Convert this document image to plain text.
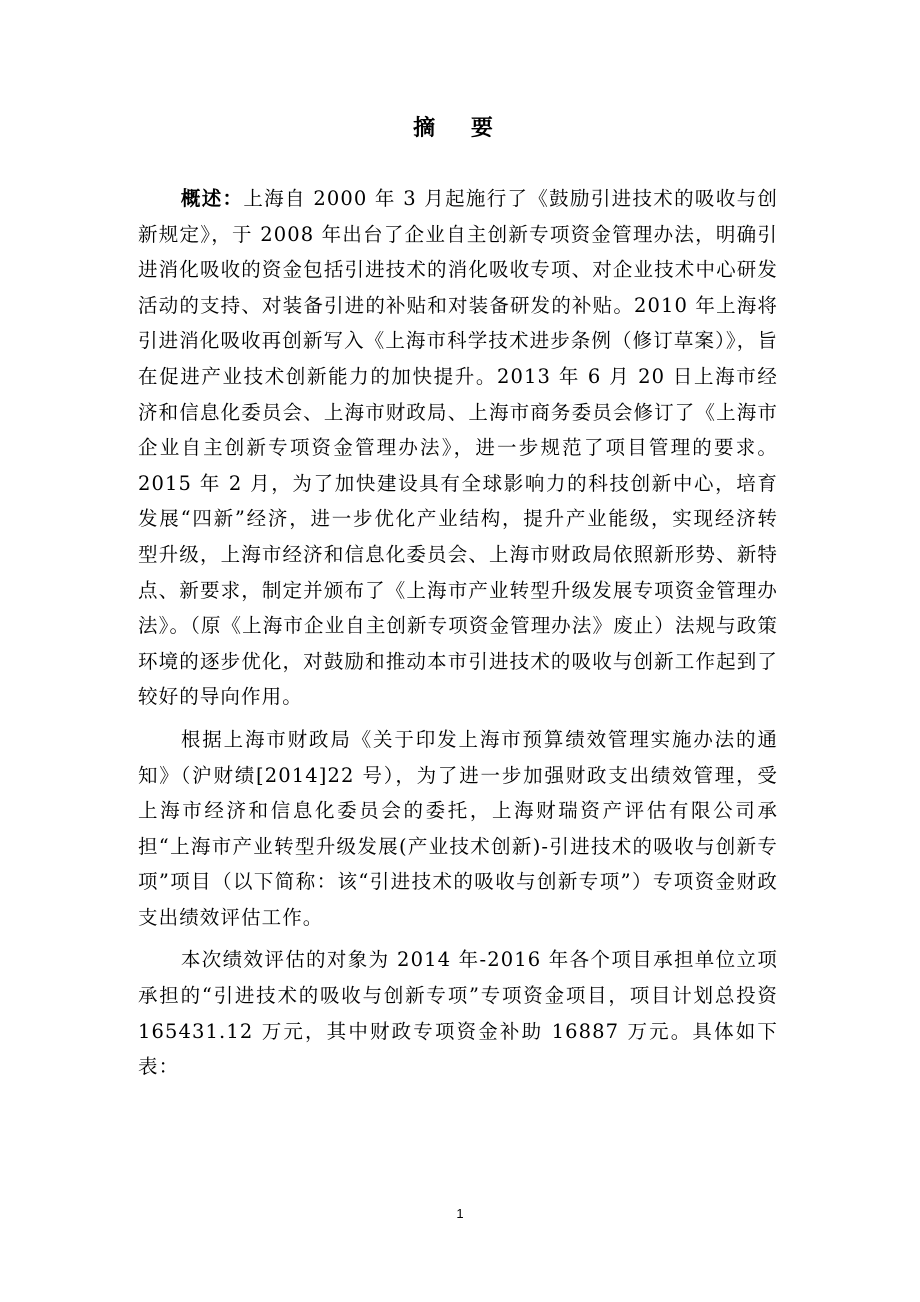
摘 要

概述：上海自 2000 年 3 月起施行了《鼓励引进技术的吸收与创新规定》，于 2008 年出台了企业自主创新专项资金管理办法，明确引进消化吸收的资金包括引进技术的消化吸收专项、对企业技术中心研发活动的支持、对装备引进的补贴和对装备研发的补贴。2010 年上海将引进消化吸收再创新写入《上海市科学技术进步条例（修订草案）》，旨在促进产业技术创新能力的加快提升。2013 年 6 月 20 日上海市经济和信息化委员会、上海市财政局、上海市商务委员会修订了《上海市企业自主创新专项资金管理办法》，进一步规范了项目管理的要求。2015 年 2 月，为了加快建设具有全球影响力的科技创新中心，培育发展“四新”经济，进一步优化产业结构，提升产业能级，实现经济转型升级，上海市经济和信息化委员会、上海市财政局依照新形势、新特点、新要求，制定并颁布了《上海市产业转型升级发展专项资金管理办法》。（原《上海市企业自主创新专项资金管理办法》废止）法规与政策环境的逐步优化，对鼓励和推动本市引进技术的吸收与创新工作起到了较好的导向作用。

根据上海市财政局《关于印发上海市预算绩效管理实施办法的通知》（沪财绩[2014]22 号），为了进一步加强财政支出绩效管理，受上海市经济和信息化委员会的委托，上海财瑞资产评估有限公司承担“上海市产业转型升级发展(产业技术创新)-引进技术的吸收与创新专项”项目（以下简称：该“引进技术的吸收与创新专项”）专项资金财政支出绩效评估工作。

本次绩效评估的对象为 2014 年-2016 年各个项目承担单位立项承担的“引进技术的吸收与创新专项”专项资金项目，项目计划总投资 165431.12 万元，其中财政专项资金补助 16887 万元。具体如下表：

1
